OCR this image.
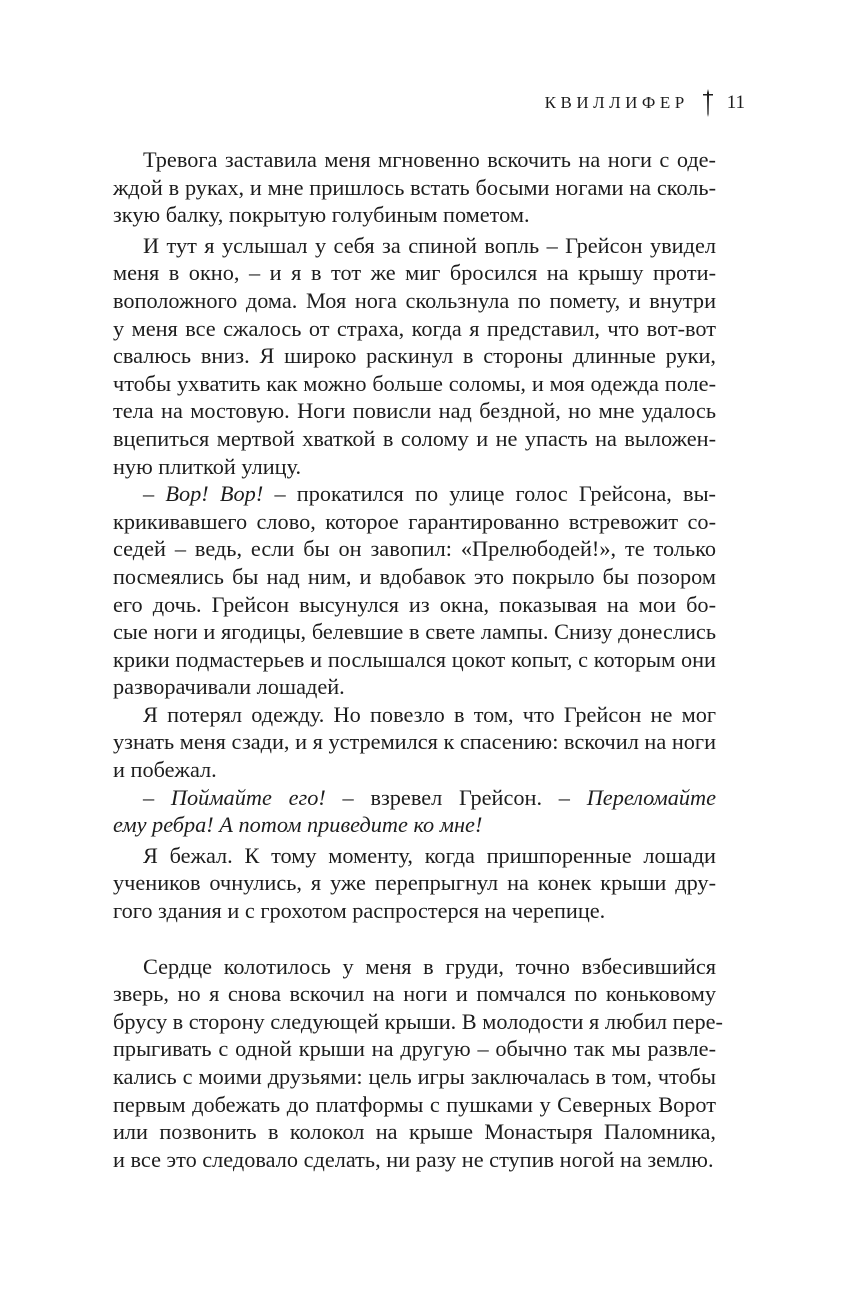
КВИЛЛИФЕР 11
Тревога заставила меня мгновенно вскочить на ноги с оде-
ждой в руках, и мне пришлось встать босыми ногами на сколь-
зкую балку, покрытую голубиным пометом.
И тут я услышал у себя за спиной вопль – Грейсон увидел
меня в окно, – и я в тот же миг бросился на крышу проти-
воположного дома. Моя нога скользнула по помету, и внутри
у меня все сжалось от страха, когда я представил, что вот-вот
свалюсь вниз. Я широко раскинул в стороны длинные руки,
чтобы ухватить как можно больше соломы, и моя одежда поле-
тела на мостовую. Ноги повисли над бездной, но мне удалось
вцепиться мертвой хваткой в солому и не упасть на выложен-
ную плиткой улицу.
– Вор! Вор! – прокатился по улице голос Грейсона, вы-
крикивавшего слово, которое гарантированно встревожит со-
седей – ведь, если бы он завопил: «Прелюбодей!», те только
посмеялись бы над ним, и вдобавок это покрыло бы позором
его дочь. Грейсон высунулся из окна, показывая на мои бо-
сые ноги и ягодицы, белевшие в свете лампы. Снизу донеслись
крики подмастерьев и послышался цокот копыт, с которым они
разворачивали лошадей.
Я потерял одежду. Но повезло в том, что Грейсон не мог
узнать меня сзади, и я устремился к спасению: вскочил на ноги
и побежал.
– Поймайте его! – взревел Грейсон. – Переломайте
ему ребра! А потом приведите ко мне!
Я бежал. К тому моменту, когда пришпоренные лошади
учеников очнулись, я уже перепрыгнул на конек крыши дру-
гого здания и с грохотом распростерся на черепице.
Сердце колотилось у меня в груди, точно взбесившийся
зверь, но я снова вскочил на ноги и помчался по коньковому
брусу в сторону следующей крыши. В молодости я любил пере-
прыгивать с одной крыши на другую – обычно так мы развле-
кались с моими друзьями: цель игры заключалась в том, чтобы
первым добежать до платформы с пушками у Северных Ворот
или позвонить в колокол на крыше Монастыря Паломника,
и все это следовало сделать, ни разу не ступив ногой на землю.
